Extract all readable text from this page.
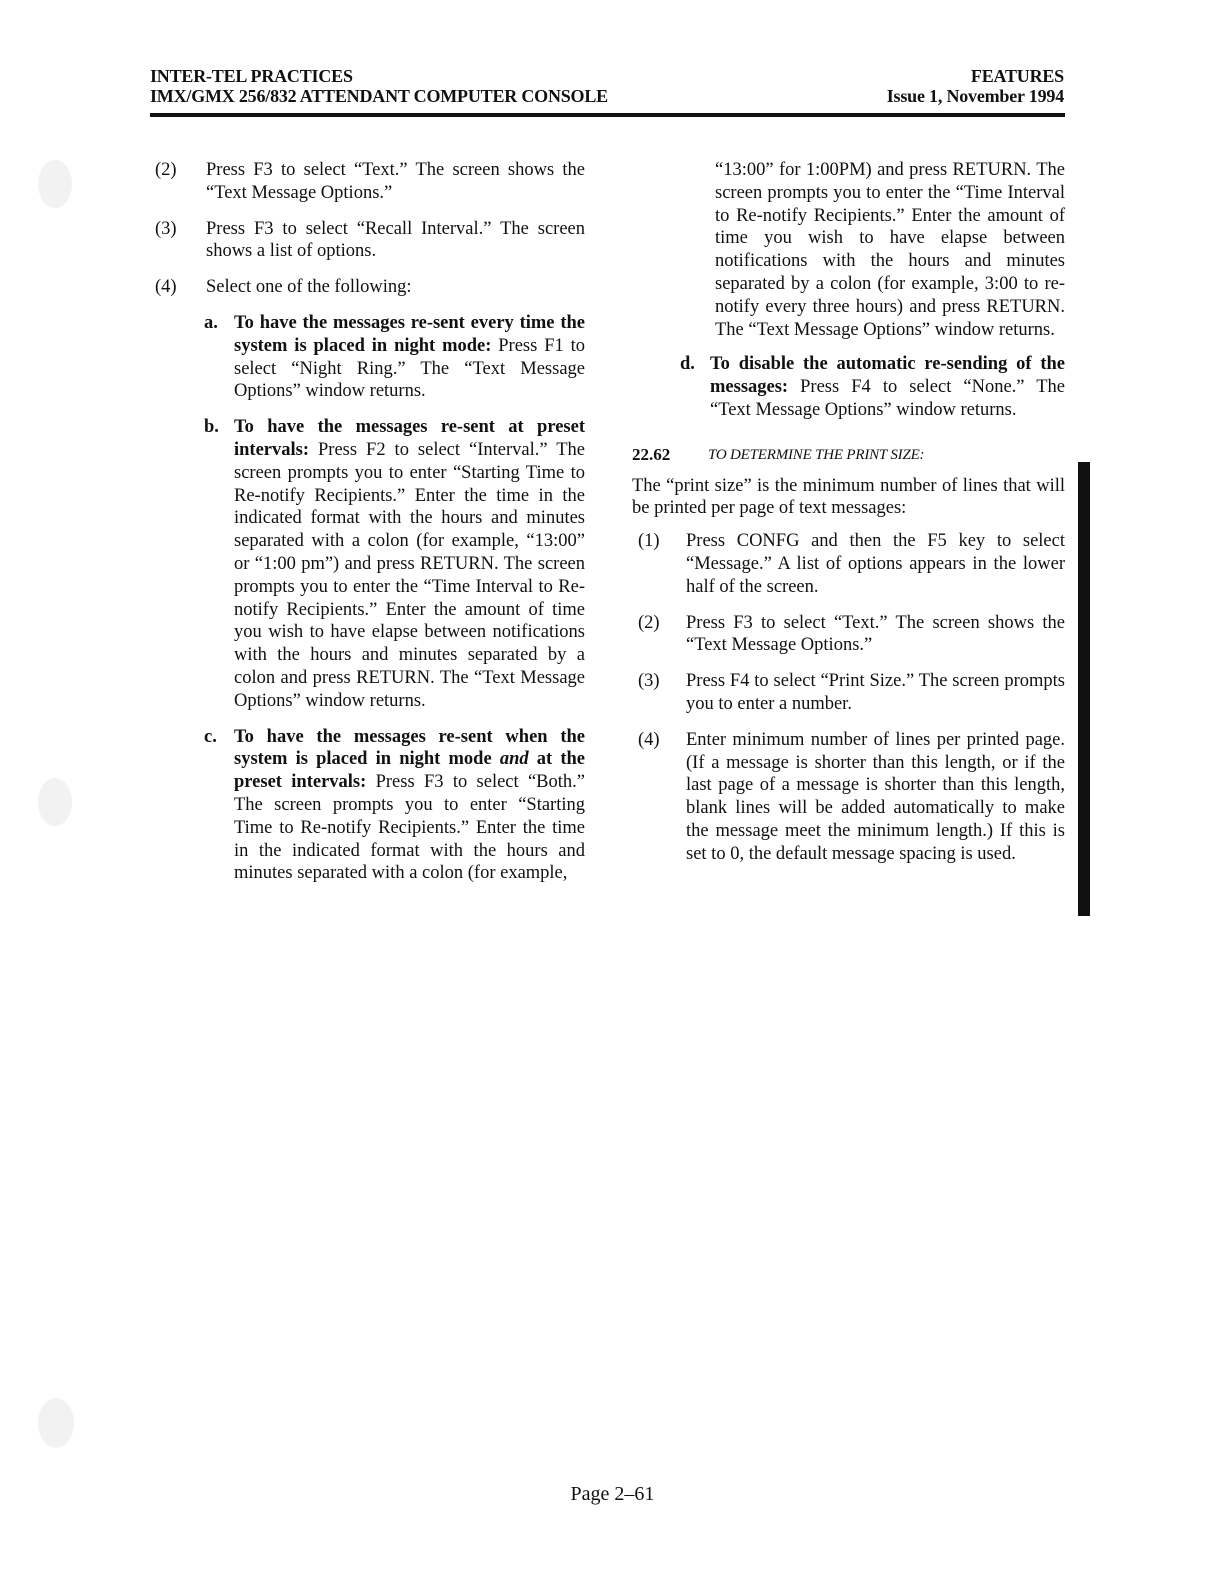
INTER-TEL PRACTICES
IMX/GMX 256/832 ATTENDANT COMPUTER CONSOLE
FEATURES
Issue 1, November 1994
(2)	Press F3 to select “Text.” The screen shows the “Text Message Options.”
(3)	Press F3 to select “Recall Interval.” The screen shows a list of options.
(4)	Select one of the following:
a. To have the messages re-sent every time the system is placed in night mode: Press F1 to select “Night Ring.” The “Text Message Options” window returns.
b. To have the messages re-sent at preset intervals: Press F2 to select “Interval.” The screen prompts you to enter “Starting Time to Re-notify Recipients.” Enter the time in the indicated format with the hours and minutes separated with a colon (for example, “13:00” or “1:00 pm”) and press RETURN. The screen prompts you to enter the “Time Interval to Re-notify Recipients.” Enter the amount of time you wish to have elapse between notifications with the hours and minutes separated by a colon and press RETURN. The “Text Message Options” window returns.
c. To have the messages re-sent when the system is placed in night mode and at the preset intervals: Press F3 to select “Both.” The screen prompts you to enter “Starting Time to Re-notify Recipients.” Enter the time in the indicated format with the hours and minutes separated with a colon (for example,
“13:00” for 1:00PM) and press RETURN. The screen prompts you to enter the “Time Interval to Re-notify Recipients.” Enter the amount of time you wish to have elapse between notifications with the hours and minutes separated by a colon (for example, 3:00 to re-notify every three hours) and press RETURN. The “Text Message Options” window returns.
d. To disable the automatic re-sending of the messages: Press F4 to select “None.” The “Text Message Options” window returns.
22.62	TO DETERMINE THE PRINT SIZE:
The “print size” is the minimum number of lines that will be printed per page of text messages:
(1)	Press CONFG and then the F5 key to select “Message.” A list of options appears in the lower half of the screen.
(2)	Press F3 to select “Text.” The screen shows the “Text Message Options.”
(3)	Press F4 to select “Print Size.” The screen prompts you to enter a number.
(4)	Enter minimum number of lines per printed page. (If a message is shorter than this length, or if the last page of a message is shorter than this length, blank lines will be added automatically to make the message meet the minimum length.) If this is set to 0, the default message spacing is used.
Page 2–61
